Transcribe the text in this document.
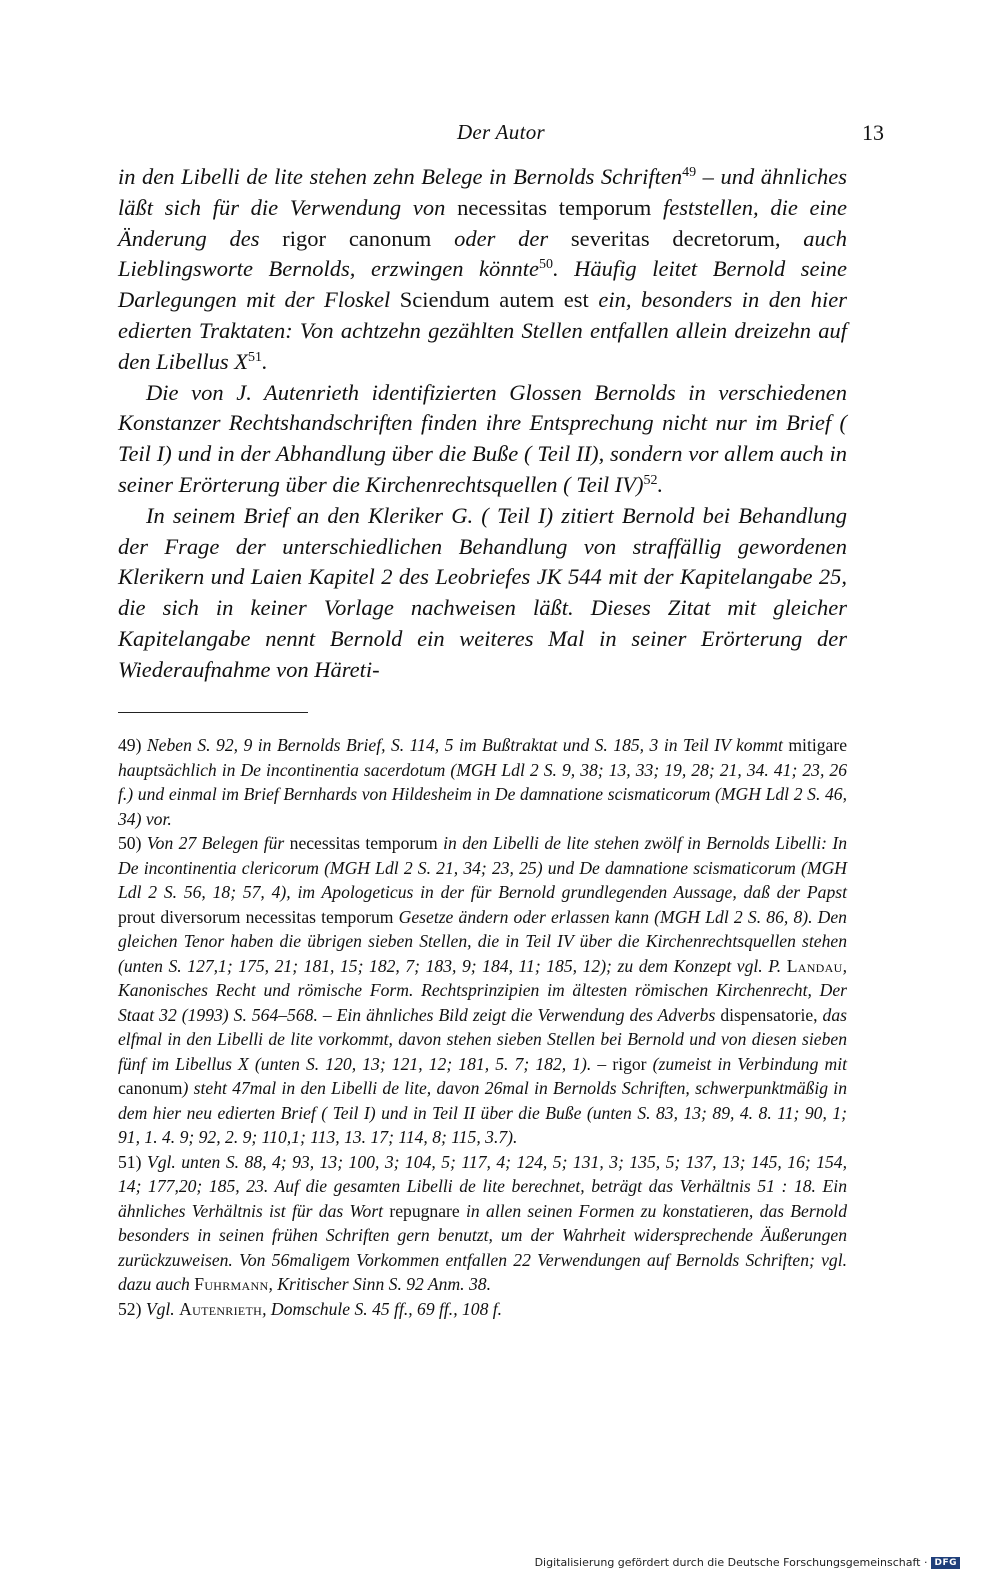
Der Autor	13

in den Libelli de lite stehen zehn Belege in Bernolds Schriften$^{49}$ – und ähnliches läßt sich für die Verwendung von necessitas temporum feststellen, die eine Änderung des rigor canonum oder der severitas decretorum, auch Lieblingsworte Bernolds, erzwingen könnte$^{50}$. Häufig leitet Bernold seine Darlegungen mit der Floskel Sciendum autem est ein, besonders in den hier edierten Traktaten: Von achtzehn gezählten Stellen entfallen allein dreizehn auf den Libellus $X^{51}$.

Die von J. Autenrieth identifizierten Glossen Bernolds in verschiedenen Konstanzer Rechtshandschriften finden ihre Entsprechung nicht nur im Brief ( Teil I) und in der Abhandlung über die Buße ( Teil II), sondern vor allem auch in seiner Erörterung über die Kirchenrechtsquellen ( Teil IV)$^{52}$.

In seinem Brief an den Kleriker G. ( Teil I) zitiert Bernold bei Behandlung der Frage der unterschiedlichen Behandlung von straffällig gewordenen Klerikern und Laien Kapitel 2 des Leobriefes JK 544 mit der Kapitelangabe 25, die sich in keiner Vorlage nachweisen läßt. Dieses Zitat mit gleicher Kapitelangabe nennt Bernold ein weiteres Mal in seiner Erörterung der Wiederaufnahme von Häreti-

49) Neben S. 92, 9 in Bernolds Brief, S. 114, 5 im Bußtraktat und S. 185, 3 in Teil IV kommt mitigare hauptsächlich in De incontinentia sacerdotum (MGH Ldl 2 S. 9, 38; 13, 33; 19, 28; 21, 34. 41; 23, 26 f.) und einmal im Brief Bernhards von Hildesheim in De damnatione scismaticorum (MGH Ldl 2 S. 46, 34) vor.

50) Von 27 Belegen für necessitas temporum in den Libelli de lite stehen zwölf in Bernolds Libelli: In De incontinentia clericorum (MGH Ldl 2 S. 21, 34; 23, 25) und De damnatione scismaticorum (MGH Ldl 2 S. 56, 18; 57, 4), im Apologeticus in der für Bernold grundlegenden Aussage, daß der Papst prout diversorum necessitas temporum Gesetze ändern oder erlassen kann (MGH Ldl 2 S. 86, 8). Den gleichen Tenor haben die übrigen sieben Stellen, die in Teil IV über die Kirchenrechtsquellen stehen (unten S. 127,1; 175, 21; 181, 15; 182, 7; 183, 9; 184, 11; 185, 12); zu dem Konzept vgl. P. Landau, Kanonisches Recht und römische Form. Rechtsprinzipien im ältesten römischen Kirchenrecht, Der Staat 32 (1993) S. 564–568. – Ein ähnliches Bild zeigt die Verwendung des Adverbs dispensatorie, das elfmal in den Libelli de lite vorkommt, davon stehen sieben Stellen bei Bernold und von diesen sieben fünf im Libellus X (unten S. 120, 13; 121, 12; 181, 5. 7; 182, 1). – rigor (zumeist in Verbindung mit canonum) steht 47mal in den Libelli de lite, davon 26mal in Bernolds Schriften, schwerpunktmäßig in dem hier neu edierten Brief ( Teil I) und in Teil II über die Buße (unten S. 83, 13; 89, 4. 8. 11; 90, 1; 91, 1. 4. 9; 92, 2. 9; 110,1; 113, 13. 17; 114, 8; 115, 3.7).

51) Vgl. unten S. 88, 4; 93, 13; 100, 3; 104, 5; 117, 4; 124, 5; 131, 3; 135, 5; 137, 13; 145, 16; 154, 14; 177,20; 185, 23. Auf die gesamten Libelli de lite berechnet, beträgt das Verhältnis 51 : 18. Ein ähnliches Verhältnis ist für das Wort repugnare in allen seinen Formen zu konstatieren, das Bernold besonders in seinen frühen Schriften gern benutzt, um der Wahrheit widersprechende Äußerungen zurückzuweisen. Von 56maligem Vorkommen entfallen 22 Verwendungen auf Bernolds Schriften; vgl. dazu auch Fuhrmann, Kritischer Sinn S. 92 Anm. 38.

52) Vgl. Autenrieth, Domschule S. 45 ff., 69 ff., 108 f.

Digitalisierung gefördert durch die Deutsche Forschungsgemeinschaft · DFG
